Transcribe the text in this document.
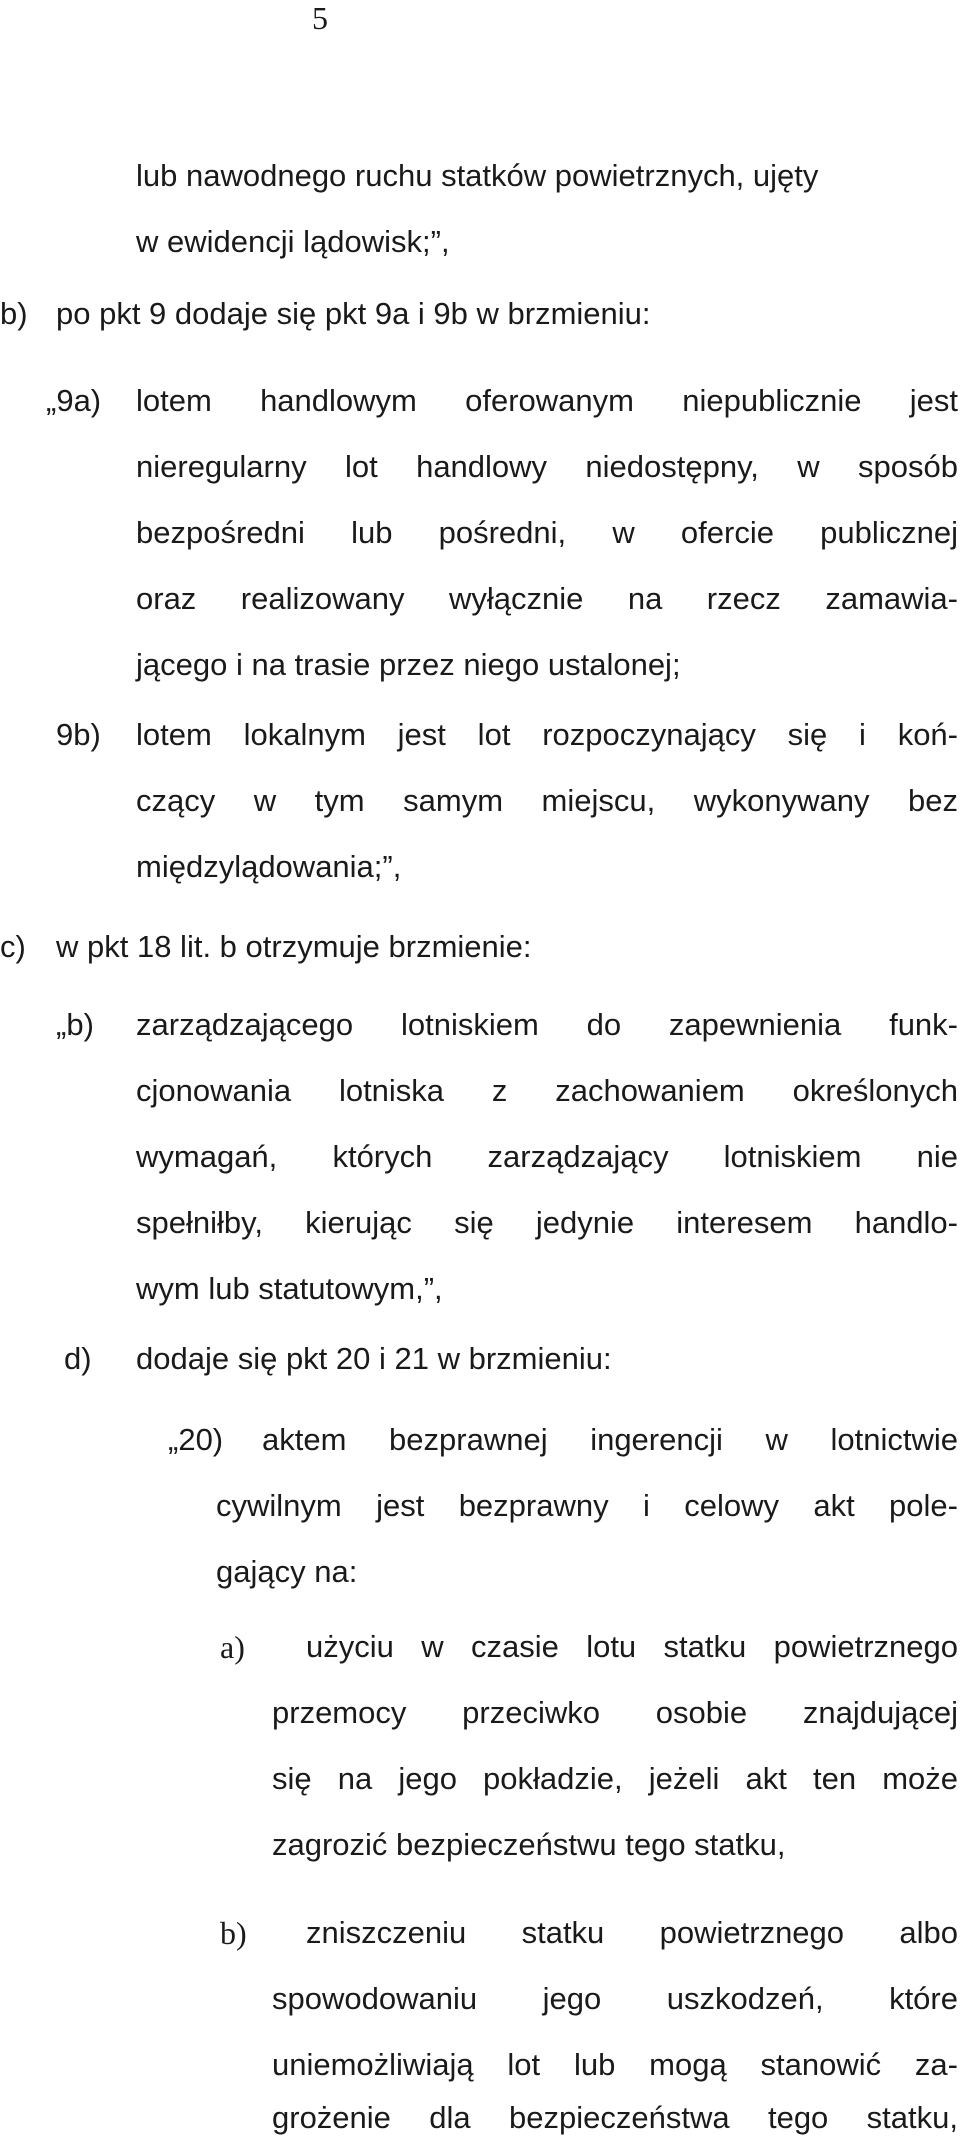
5
lub nawodnego ruchu statków powietrznych, ujęty
w ewidencji lądowisk;”,
b) po pkt 9 dodaje się pkt 9a i 9b w brzmieniu:
„9a) lotem handlowym oferowanym niepublicznie jest
nieregularny lot handlowy niedostępny, w sposób
bezpośredni lub pośredni, w ofercie publicznej
oraz realizowany wyłącznie na rzecz zamawia-
jącego i na trasie przez niego ustalonej;
9b) lotem lokalnym jest lot rozpoczynający się i koń-
czący w tym samym miejscu, wykonywany bez
międzylądowania;”,
c) w pkt 18 lit. b otrzymuje brzmienie:
„b) zarządzającego lotniskiem do zapewnienia funk-
cjonowania lotniska z zachowaniem określonych
wymagań, których zarządzający lotniskiem nie
spełniłby, kierując się jedynie interesem handlo-
wym lub statutowym,”,
d) dodaje się pkt 20 i 21 w brzmieniu:
„20) aktem bezprawnej ingerencji w lotnictwie
cywilnym jest bezprawny i celowy akt pole-
gający na:
a) użyciu w czasie lotu statku powietrznego
przemocy przeciwko osobie znajdującej
się na jego pokładzie, jeżeli akt ten może
zagrozić bezpieczeństwu tego statku,
b) zniszczeniu statku powietrznego albo
spowodowaniu jego uszkodzeń, które
uniemożliwiają lot lub mogą stanowić za-
grożenie dla bezpieczeństwa tego statku,
